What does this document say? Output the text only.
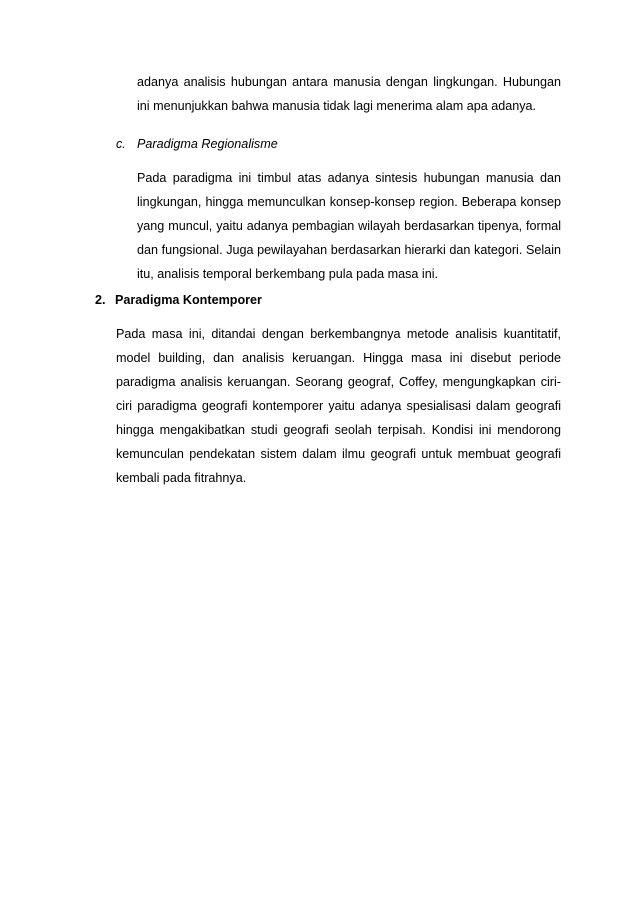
adanya analisis hubungan antara manusia dengan lingkungan. Hubungan ini menunjukkan bahwa manusia tidak lagi menerima alam apa adanya.

c. Paradigma Regionalisme

Pada paradigma ini timbul atas adanya sintesis hubungan manusia dan lingkungan, hingga memunculkan konsep-konsep region. Beberapa konsep yang muncul, yaitu adanya pembagian wilayah berdasarkan tipenya, formal dan fungsional. Juga pewilayahan berdasarkan hierarki dan kategori. Selain itu, analisis temporal berkembang pula pada masa ini.

2. Paradigma Kontemporer

Pada masa ini, ditandai dengan berkembangnya metode analisis kuantitatif, model building, dan analisis keruangan. Hingga masa ini disebut periode paradigma analisis keruangan. Seorang geograf, Coffey, mengungkapkan ciri-ciri paradigma geografi kontemporer yaitu adanya spesialisasi dalam geografi hingga mengakibatkan studi geografi seolah terpisah. Kondisi ini mendorong kemunculan pendekatan sistem dalam ilmu geografi untuk membuat geografi kembali pada fitrahnya.
